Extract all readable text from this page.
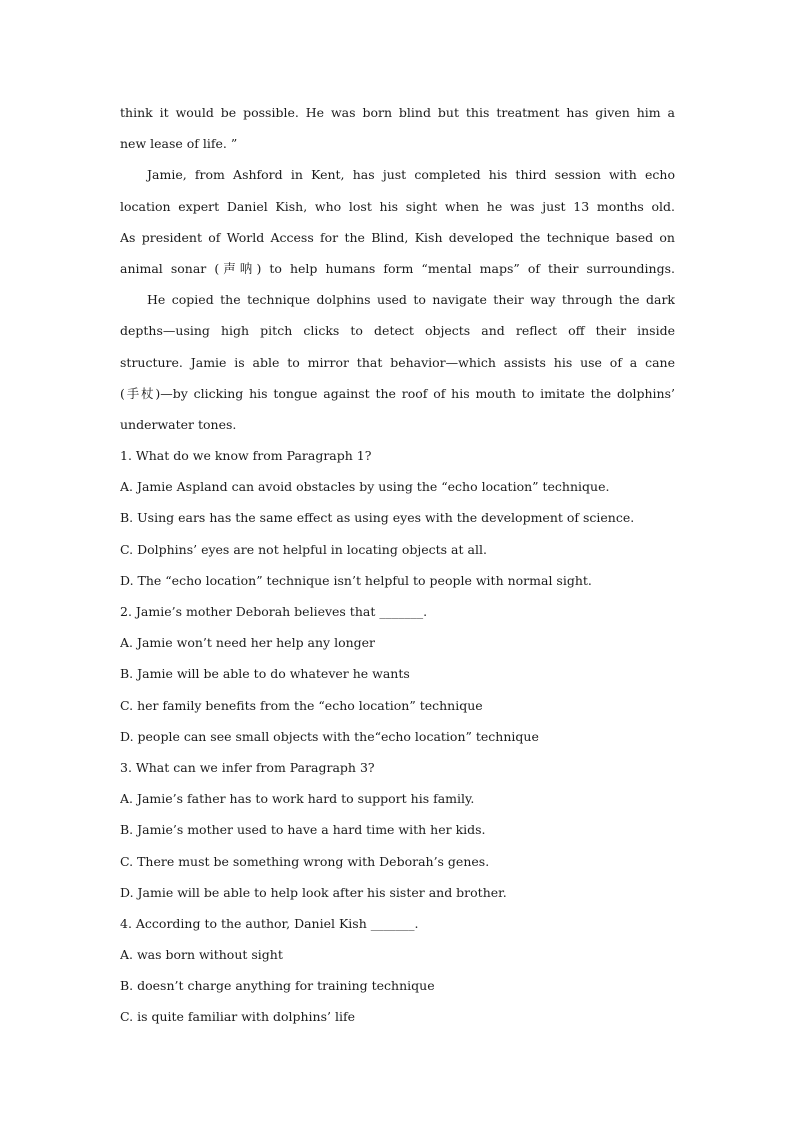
think it would be possible. He was born blind but this treatment has given him a
new lease of life. ”
Jamie, from Ashford in Kent, has just completed his third session with echo
location expert Daniel Kish, who lost his sight when he was just 13 months old.
As president of World Access for the Blind, Kish developed the technique based on
animal sonar (声呐) to help humans form “mental maps” of their surroundings.
He copied the technique dolphins used to navigate their way through the dark
depths—using high pitch clicks to detect objects and reflect off their inside
structure. Jamie is able to mirror that behavior—which assists his use of a cane
(手杖)—by clicking his tongue against the roof of his mouth to imitate the dolphins’
underwater tones.
1. What do we know from Paragraph 1?
A. Jamie Aspland can avoid obstacles by using the “echo location” technique.
B. Using ears has the same effect as using eyes with the development of science.
C. Dolphins’ eyes are not helpful in locating objects at all.
D. The “echo location” technique isn’t helpful to people with normal sight.
2. Jamie’s mother Deborah believes that _______.
A. Jamie won’t need her help any longer
B. Jamie will be able to do whatever he wants
C. her family benefits from the “echo location” technique
D. people can see small objects with the“echo location” technique
3. What can we infer from Paragraph 3?
A. Jamie’s father has to work hard to support his family.
B. Jamie’s mother used to have a hard time with her kids.
C. There must be something wrong with Deborah’s genes.
D. Jamie will be able to help look after his sister and brother.
4. According to the author, Daniel Kish _______.
A. was born without sight
B. doesn’t charge anything for training technique
C. is quite familiar with dolphins’ life
